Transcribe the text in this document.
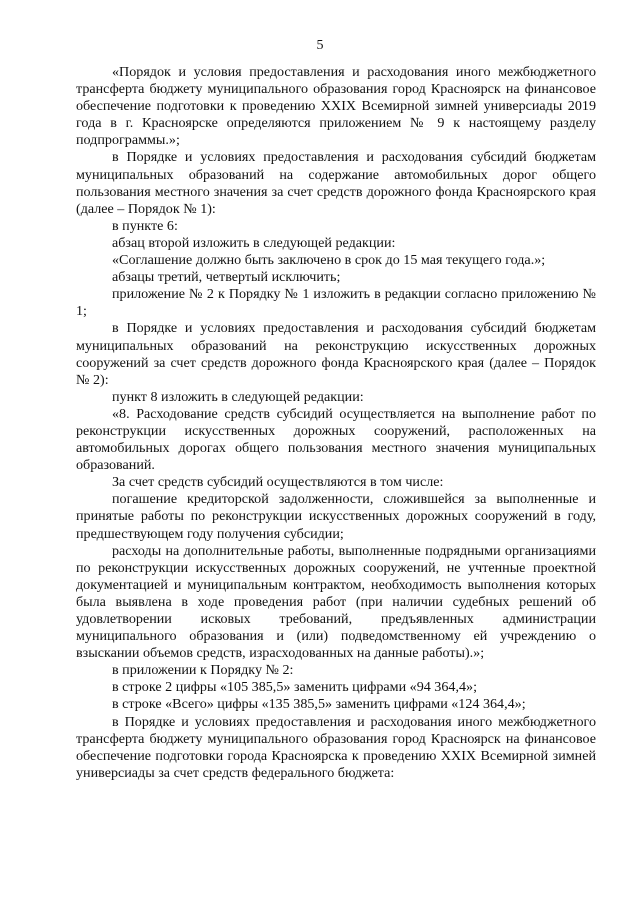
5

«Порядок и условия предоставления и расходования иного межбюджетного трансферта бюджету муниципального образования город Красноярск на финансовое обеспечение подготовки к проведению XXIX Всемирной зимней универсиады 2019 года в г. Красноярске определяются приложением № 9 к настоящему разделу подпрограммы.»;

в Порядке и условиях предоставления и расходования субсидий бюджетам муниципальных образований на содержание автомобильных дорог общего пользования местного значения за счет средств дорожного фонда Красноярского края (далее – Порядок № 1):

в пункте 6:

абзац второй изложить в следующей редакции:

«Соглашение должно быть заключено в срок до 15 мая текущего года.»;

абзацы третий, четвертый исключить;

приложение № 2 к Порядку № 1 изложить в редакции согласно приложению № 1;

в Порядке и условиях предоставления и расходования субсидий бюджетам муниципальных образований на реконструкцию искусственных дорожных сооружений за счет средств дорожного фонда Красноярского края (далее – Порядок № 2):

пункт 8 изложить в следующей редакции:

«8. Расходование средств субсидий осуществляется на выполнение работ по реконструкции искусственных дорожных сооружений, расположенных на автомобильных дорогах общего пользования местного значения муниципальных образований.

За счет средств субсидий осуществляются в том числе:

погашение кредиторской задолженности, сложившейся за выполненные и принятые работы по реконструкции искусственных дорожных сооружений в году, предшествующем году получения субсидии;

расходы на дополнительные работы, выполненные подрядными организациями по реконструкции искусственных дорожных сооружений, не учтенные проектной документацией и муниципальным контрактом, необходимость выполнения которых была выявлена в ходе проведения работ (при наличии судебных решений об удовлетворении исковых требований, предъявленных администрации муниципального образования и (или) подведомственному ей учреждению о взыскании объемов средств, израсходованных на данные работы).»;

в приложении к Порядку № 2:

в строке 2 цифры «105 385,5» заменить цифрами «94 364,4»;

в строке «Всего» цифры «135 385,5» заменить цифрами «124 364,4»;

в Порядке и условиях предоставления и расходования иного межбюджетного трансферта бюджету муниципального образования город Красноярск на финансовое обеспечение подготовки города Красноярска к проведению XXIX Всемирной зимней универсиады за счет средств федерального бюджета:
